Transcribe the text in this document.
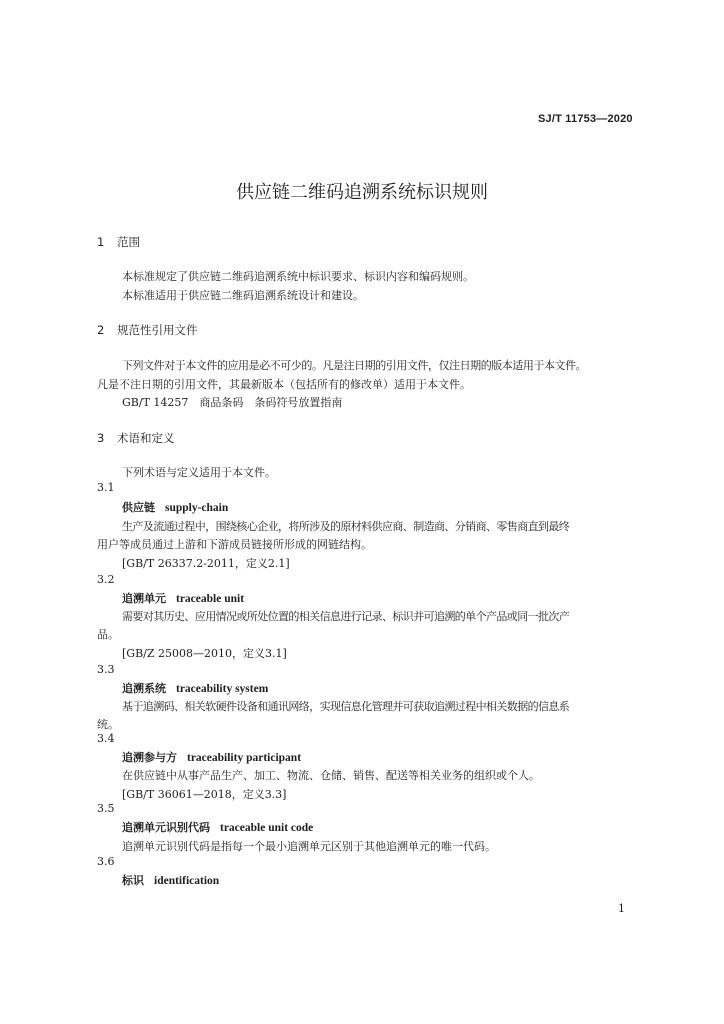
SJ/T 11753—2020
供应链二维码追溯系统标识规则
1 范围
本标准规定了供应链二维码追溯系统中标识要求、标识内容和编码规则。
本标准适用于供应链二维码追溯系统设计和建设。
2 规范性引用文件
下列文件对于本文件的应用是必不可少的。凡是注日期的引用文件，仅注日期的版本适用于本文件。
凡是不注日期的引用文件，其最新版本（包括所有的修改单）适用于本文件。
GB/T 14257　商品条码　条码符号放置指南
3 术语和定义
下列术语与定义适用于本文件。
3.1
供应链 supply-chain
生产及流通过程中，围绕核心企业，将所涉及的原材料供应商、制造商、分销商、零售商直到最终
用户等成员通过上游和下游成员链接所形成的网链结构。
[GB/T 26337.2-2011，定义2.1]
3.2
追溯单元 traceable unit
需要对其历史、应用情况或所处位置的相关信息进行记录、标识并可追溯的单个产品或同一批次产
品。
[GB/Z 25008—2010，定义3.1]
3.3
追溯系统 traceability system
基于追溯码、相关软硬件设备和通讯网络，实现信息化管理并可获取追溯过程中相关数据的信息系
统。
3.4
追溯参与方 traceability participant
在供应链中从事产品生产、加工、物流、仓储、销售、配送等相关业务的组织或个人。
[GB/T 36061—2018，定义3.3]
3.5
追溯单元识别代码 traceable unit code
追溯单元识别代码是指每一个最小追溯单元区别于其他追溯单元的唯一代码。
3.6
标识 identification
1
